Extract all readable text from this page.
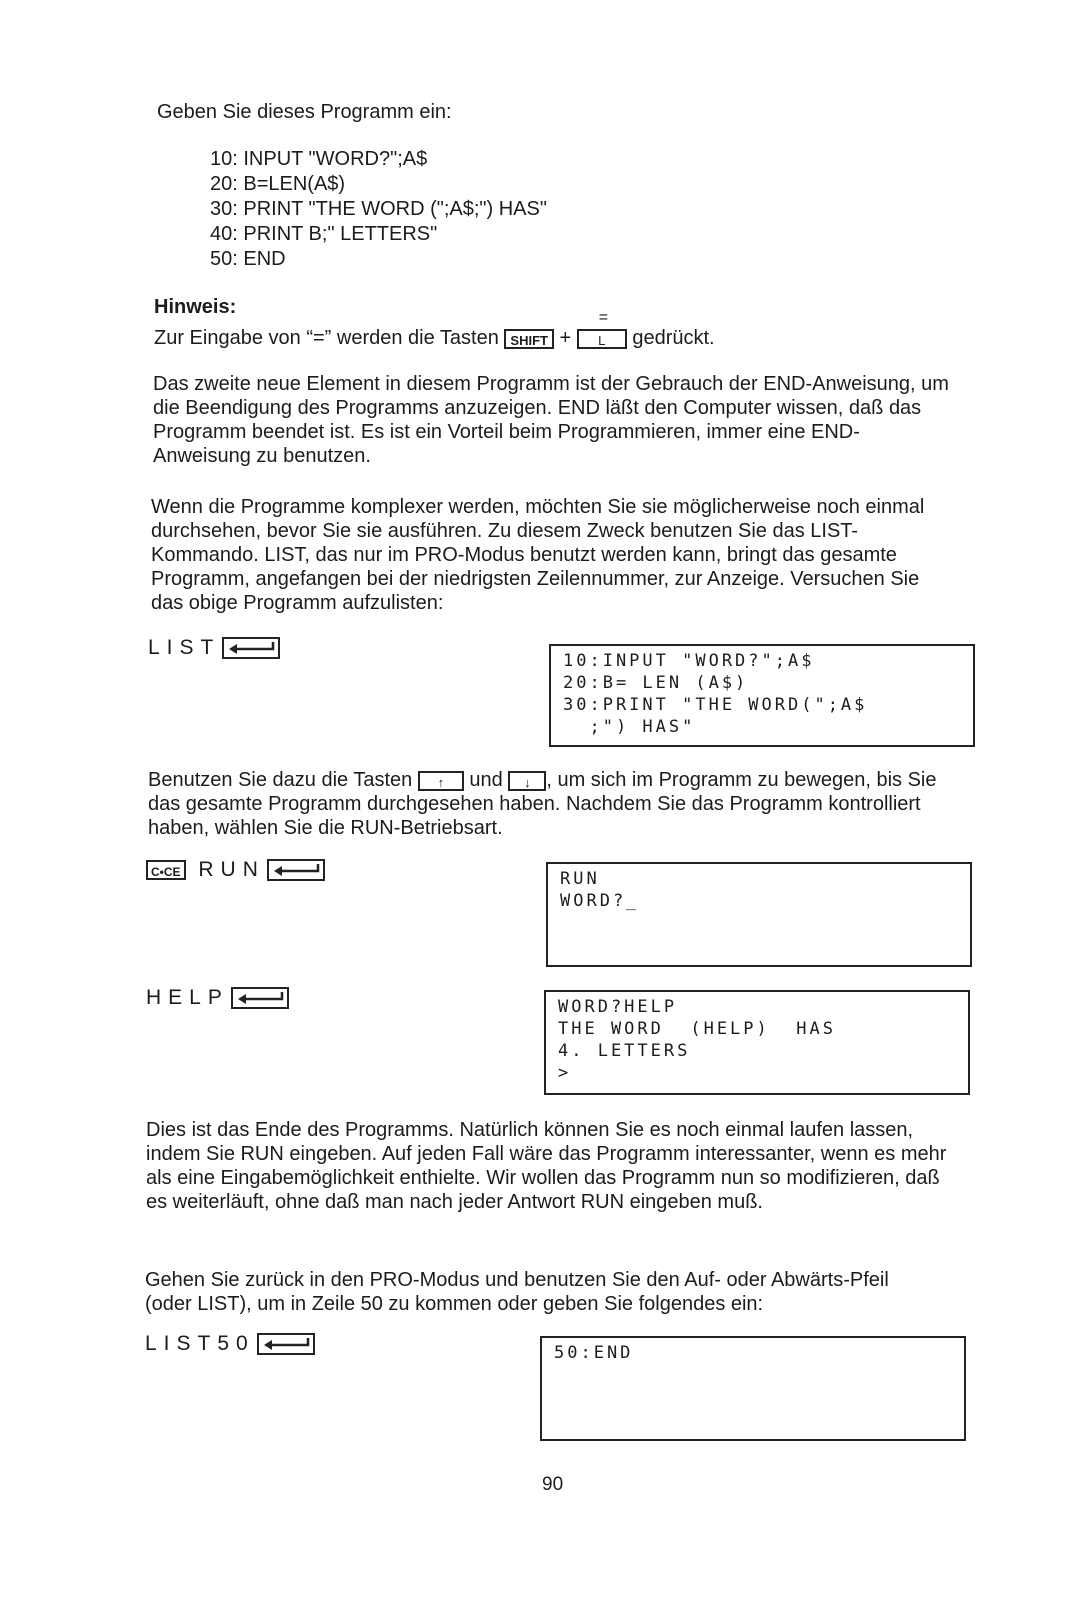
Geben Sie dieses Programm ein:
10: INPUT "WORD?";A$
20: B=LEN(A$)
30: PRINT "THE WORD (";A$;") HAS"
40: PRINT B;" LETTERS"
50: END
Hinweis:
Zur Eingabe von “=” werden die Tasten SHIFT +
=
L gedrückt.
Das zweite neue Element in diesem Programm ist der Gebrauch der END-Anweisung, um die Beendigung des Programms anzuzeigen. END läßt den Computer wissen, daß das Programm beendet ist. Es ist ein Vorteil beim Programmieren, immer eine END-Anweisung zu benutzen.
Wenn die Programme komplexer werden, möchten Sie sie möglicherweise noch einmal durchsehen, bevor Sie sie ausführen. Zu diesem Zweck benutzen Sie das LIST-Kommando. LIST, das nur im PRO-Modus benutzt werden kann, bringt das gesamte Programm, angefangen bei der niedrigsten Zeilennummer, zur Anzeige. Versuchen Sie das obige Programm aufzulisten:
LIST
10:INPUT "WORD?";A$
20:B= LEN (A$)
30:PRINT "THE WORD(";A$
;") HAS"
Benutzen Sie dazu die Tasten ↑ und ↓ , um sich im Programm zu bewegen, bis Sie das gesamte Programm durchgesehen haben. Nachdem Sie das Programm kontrolliert haben, wählen Sie die RUN-Betriebsart.
C•CE RUN	RUN
WORD?_
HELP	WORD?HELP
THE WORD  (HELP)  HAS
4. LETTERS
>
Dies ist das Ende des Programms. Natürlich können Sie es noch einmal laufen lassen, indem Sie RUN eingeben. Auf jeden Fall wäre das Programm interessanter, wenn es mehr als eine Eingabemöglichkeit enthielte. Wir wollen das Programm nun so modifizieren, daß es weiterläuft, ohne daß man nach jeder Antwort RUN eingeben muß.
Gehen Sie zurück in den PRO-Modus und benutzen Sie den Auf- oder Abwärts-Pfeil (oder LIST), um in Zeile 50 zu kommen oder geben Sie folgendes ein:
LIST50	50:END
90
